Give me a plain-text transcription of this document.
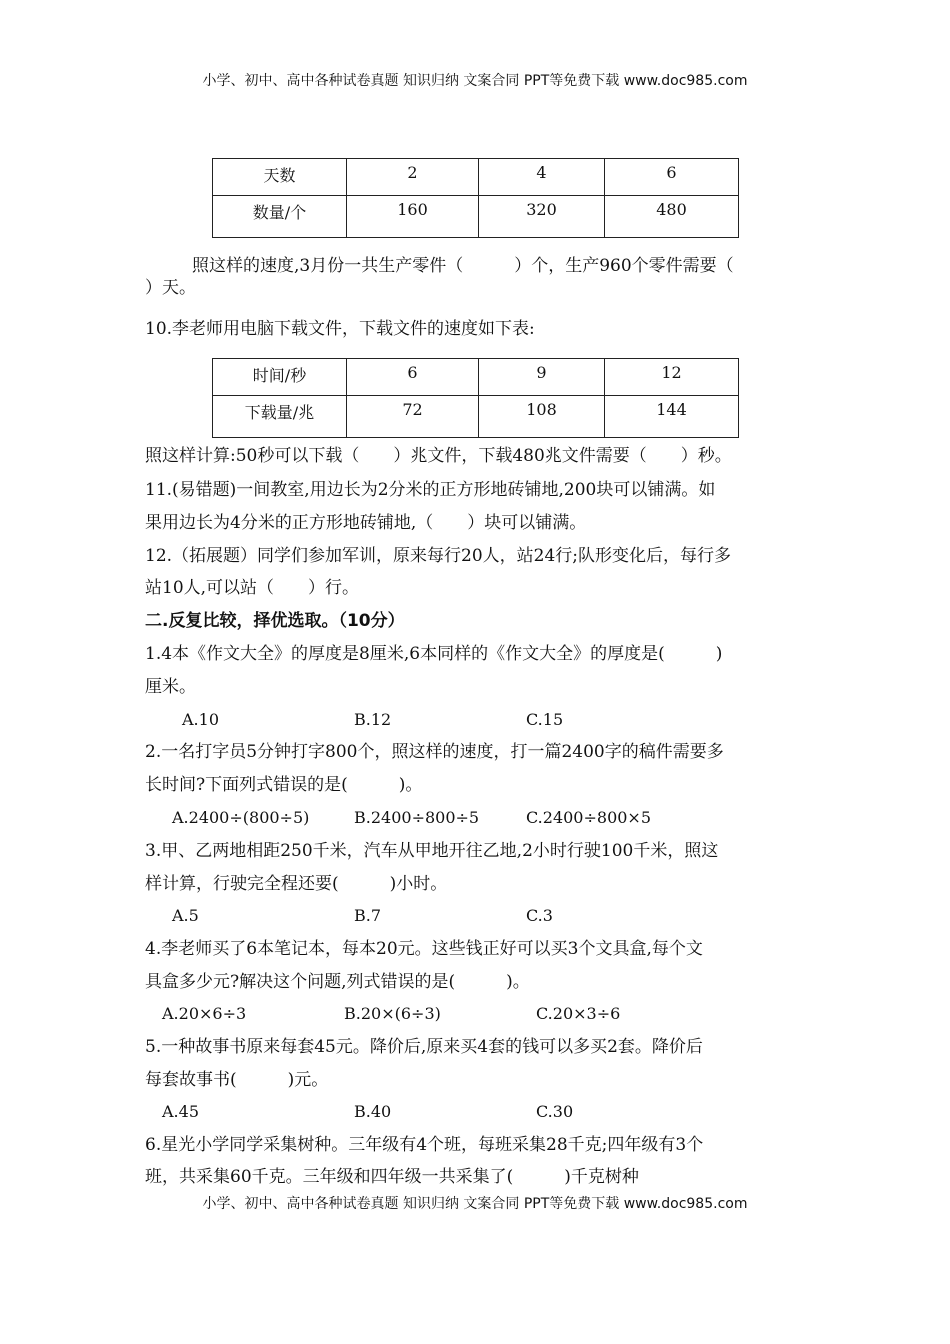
小学、初中、高中各种试卷真题 知识归纳 文案合同 PPT等免费下载 www.doc985.com
天数	2	4	6
数量/个	160	320	480
照这样的速度,3月份一共生产零件（　　　）个，生产960个零件需要（
）天。
10.李老师用电脑下载文件，下载文件的速度如下表:
时间/秒	6	9	12
下载量/兆	72	108	144
照这样计算:50秒可以下载（　　）兆文件，下载480兆文件需要（　　）秒。
11.(易错题)一间教室,用边长为2分米的正方形地砖铺地,200块可以铺满。如
果用边长为4分米的正方形地砖铺地,（　　）块可以铺满。
12.（拓展题）同学们参加军训，原来每行20人，站24行;队形变化后，每行多
站10人,可以站（　　）行。
二.反复比较，择优选取。（10分）
1.4本《作文大全》的厚度是8厘米,6本同样的《作文大全》的厚度是(　　　)
厘米。
A.10	B.12	C.15
2.一名打字员5分钟打字800个，照这样的速度，打一篇2400字的稿件需要多
长时间?下面列式错误的是(　　　)。
A.2400÷(800÷5)	B.2400÷800÷5	C.2400÷800×5
3.甲、乙两地相距250千米，汽车从甲地开往乙地,2小时行驶100千米，照这
样计算，行驶完全程还要(　　　)小时。
A.5	B.7	C.3
4.李老师买了6本笔记本，每本20元。这些钱正好可以买3个文具盒,每个文
具盒多少元?解决这个问题,列式错误的是(　　　)。
A.20×6÷3	B.20×(6÷3)	C.20×3÷6
5.一种故事书原来每套45元。降价后,原来买4套的钱可以多买2套。降价后
每套故事书(　　　)元。
A.45	B.40	C.30
6.星光小学同学采集树种。三年级有4个班，每班采集28千克;四年级有3个
班，共采集60千克。三年级和四年级一共采集了(　　　)千克树种
小学、初中、高中各种试卷真题 知识归纳 文案合同 PPT等免费下载 www.doc985.com
